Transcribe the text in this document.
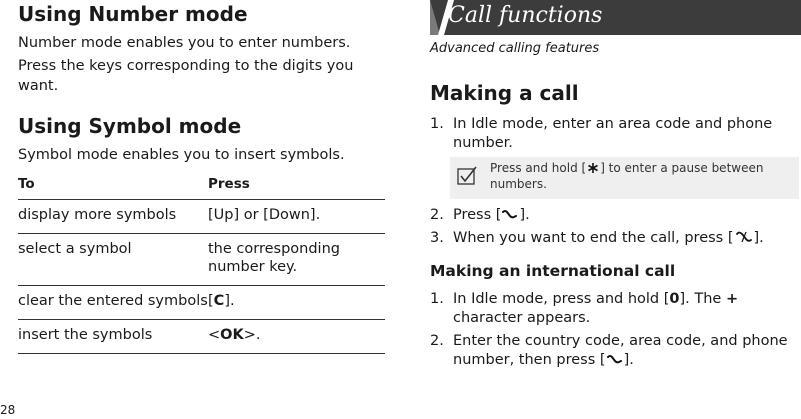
Using Number mode

Number mode enables you to enter numbers.

Press the keys corresponding to the digits you want.

Using Symbol mode

Symbol mode enables you to insert symbols.

To	Press
display more symbols	[Up] or [Down].
select a symbol	the corresponding number key.
clear the entered symbols	[C].
insert the symbols	<OK>.
28
Call functions
Advanced calling features
Making a call
1. In Idle mode, enter an area code and phone number.
Press and hold [ ] to enter a pause between numbers.
2. Press [ ].
3. When you want to end the call, press [ ].
Making an international call
1. In Idle mode, press and hold [0]. The + character appears.
2. Enter the country code, area code, and phone number, then press [ ].
